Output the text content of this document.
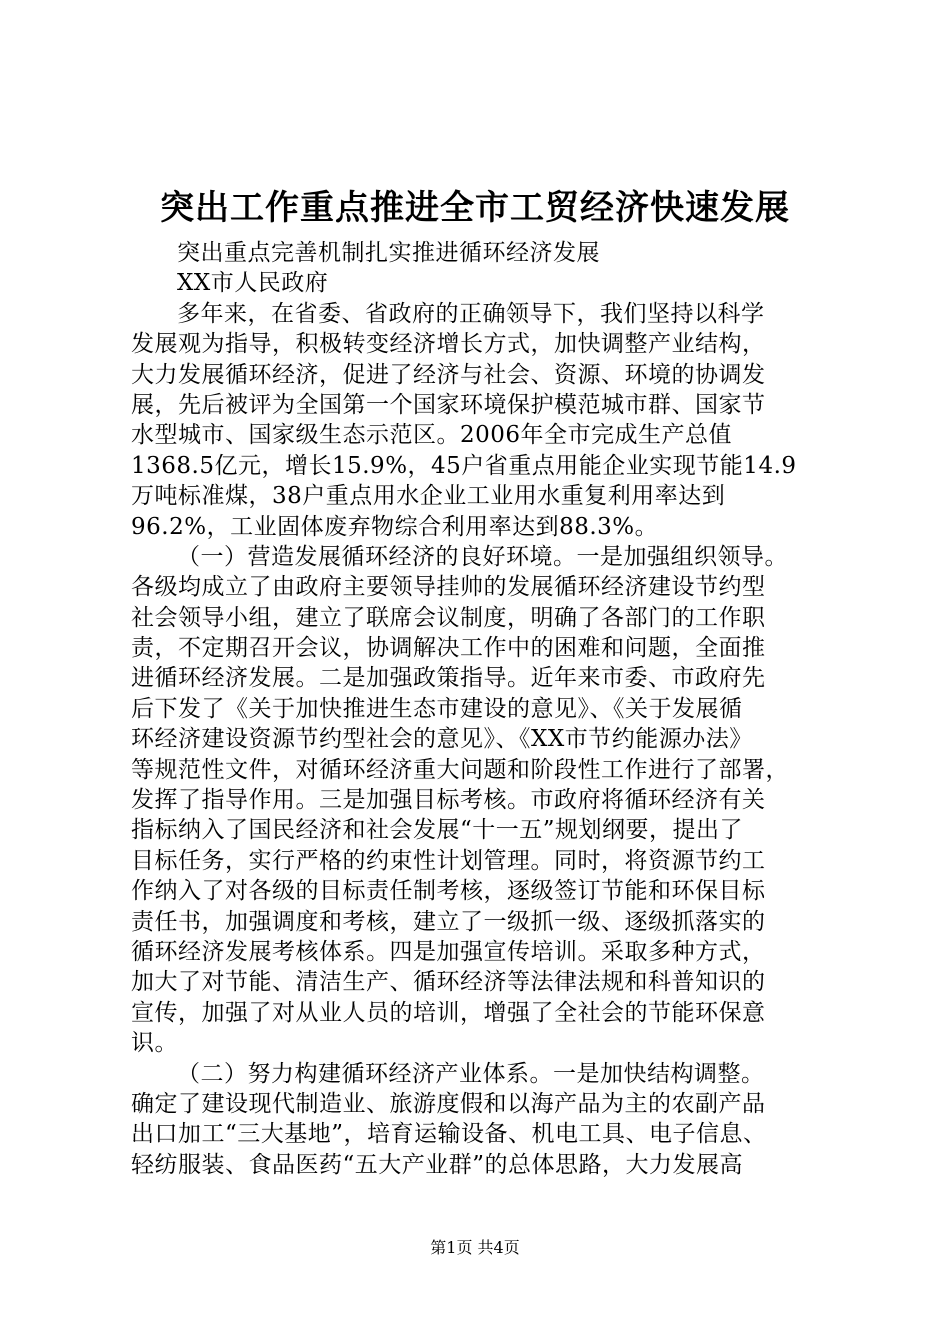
突出工作重点推进全市工贸经济快速发展
突出重点完善机制扎实推进循环经济发展
XX市人民政府
多年来，在省委、省政府的正确领导下，我们坚持以科学
发展观为指导，积极转变经济增长方式，加快调整产业结构，
大力发展循环经济，促进了经济与社会、资源、环境的协调发
展，先后被评为全国第一个国家环境保护模范城市群、国家节
水型城市、国家级生态示范区。2006年全市完成生产总值
1368.5亿元，增长15.9%，45户省重点用能企业实现节能14.9
万吨标准煤，38户重点用水企业工业用水重复利用率达到
96.2%，工业固体废弃物综合利用率达到88.3%。
（一）营造发展循环经济的良好环境。一是加强组织领导。
各级均成立了由政府主要领导挂帅的发展循环经济建设节约型
社会领导小组，建立了联席会议制度，明确了各部门的工作职
责，不定期召开会议，协调解决工作中的困难和问题，全面推
进循环经济发展。二是加强政策指导。近年来市委、市政府先
后下发了《关于加快推进生态市建设的意见》、《关于发展循
环经济建设资源节约型社会的意见》、《XX市节约能源办法》
等规范性文件，对循环经济重大问题和阶段性工作进行了部署，
发挥了指导作用。三是加强目标考核。市政府将循环经济有关
指标纳入了国民经济和社会发展“十一五”规划纲要，提出了
目标任务，实行严格的约束性计划管理。同时，将资源节约工
作纳入了对各级的目标责任制考核，逐级签订节能和环保目标
责任书，加强调度和考核，建立了一级抓一级、逐级抓落实的
循环经济发展考核体系。四是加强宣传培训。采取多种方式，
加大了对节能、清洁生产、循环经济等法律法规和科普知识的
宣传，加强了对从业人员的培训，增强了全社会的节能环保意
识。
（二）努力构建循环经济产业体系。一是加快结构调整。
确定了建设现代制造业、旅游度假和以海产品为主的农副产品
出口加工“三大基地”，培育运输设备、机电工具、电子信息、
轻纺服装、食品医药“五大产业群”的总体思路，大力发展高
第1页 共4页
